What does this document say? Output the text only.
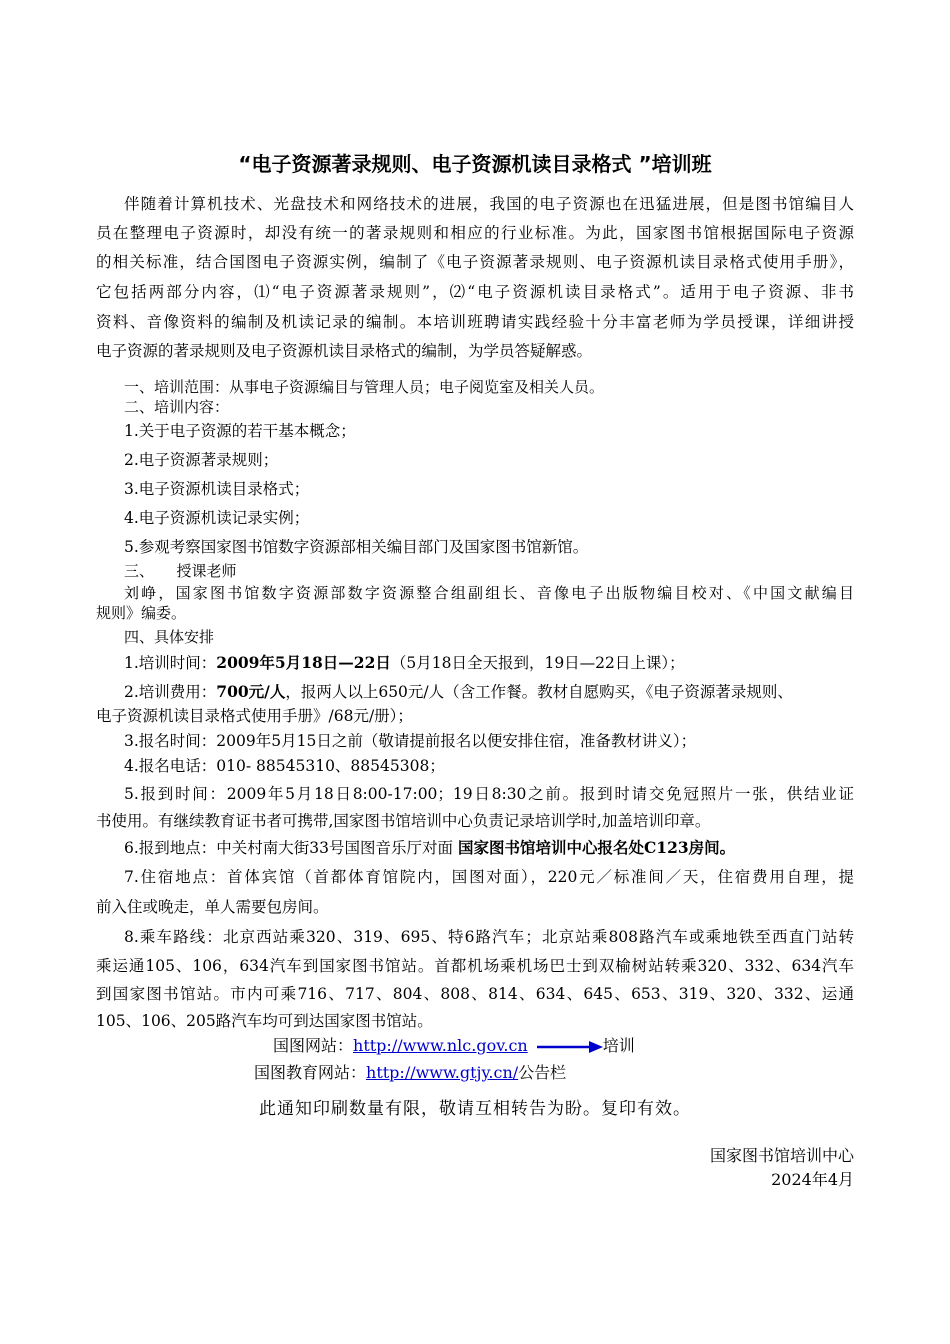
“电子资源著录规则、电子资源机读目录格式 ”培训班
伴随着计算机技术、光盘技术和网络技术的进展，我国的电子资源也在迅猛进展，但是图书馆编目人
员在整理电子资源时，却没有统一的著录规则和相应的行业标准。为此，国家图书馆根据国际电子资源
的相关标准，结合国图电子资源实例，编制了《电子资源著录规则、电子资源机读目录格式使用手册》，
它包括两部分内容，⑴“电子资源著录规则”，⑵“电子资源机读目录格式”。适用于电子资源、非书
资料、音像资料的编制及机读记录的编制。本培训班聘请实践经验十分丰富老师为学员授课，详细讲授
电子资源的著录规则及电子资源机读目录格式的编制，为学员答疑解惑。
一、培训范围：从事电子资源编目与管理人员；电子阅览室及相关人员。
二、培训内容：
1.关于电子资源的若干基本概念；
2.电子资源著录规则；
3.电子资源机读目录格式；
4.电子资源机读记录实例；
5.参观考察国家图书馆数字资源部相关编目部门及国家图书馆新馆。
三、　　授课老师
刘峥，国家图书馆数字资源部数字资源整合组副组长、音像电子出版物编目校对、《中国文献编目
规则》编委。
四、具体安排
1.培训时间：2009年5月18日—22日（5月18日全天报到，19日—22日上课）；
2.培训费用：700元/人，报两人以上650元/人（含工作餐。教材自愿购买，《电子资源著录规则、
电子资源机读目录格式使用手册》/68元/册）；
3.报名时间：2009年5月15日之前（敬请提前报名以便安排住宿，准备教材讲义）；
4.报名电话：010- 88545310、88545308；
5.报到时间：2009年5月18日8:00-17:00；19日8:30之前。报到时请交免冠照片一张，供结业证
书使用。有继续教育证书者可携带,国家图书馆培训中心负责记录培训学时,加盖培训印章。
6.报到地点：中关村南大街33号国图音乐厅对面 国家图书馆培训中心报名处C123房间。
7.住宿地点：首体宾馆（首都体育馆院内，国图对面），220元／标准间／天，住宿费用自理，提
前入住或晚走，单人需要包房间。
8.乘车路线：北京西站乘320、319、695、特6路汽车；北京站乘808路汽车或乘地铁至西直门站转
乘运通105、106，634汽车到国家图书馆站。首都机场乘机场巴士到双榆树站转乘320、332、634汽车
到国家图书馆站。市内可乘716、717、804、808、814、634、645、653、319、320、332、运通
105、106、205路汽车均可到达国家图书馆站。
国图网站：http://www.nlc.gov.cn	培训
国图教育网站：http://www.gtjy.cn/公告栏
此通知印刷数量有限，敬请互相转告为盼。复印有效。
国家图书馆培训中心
2024年4月
